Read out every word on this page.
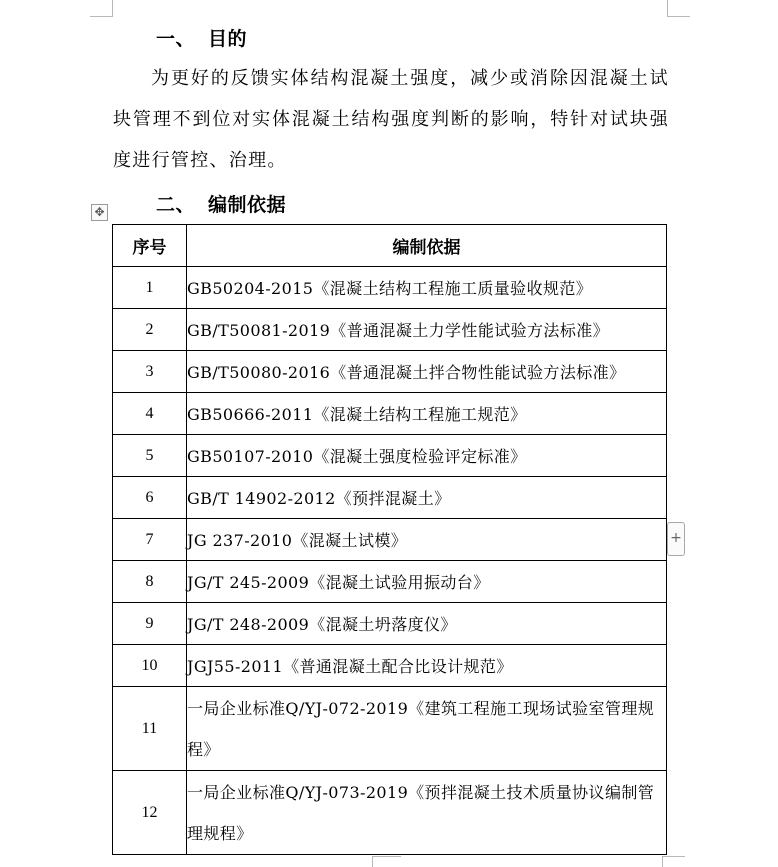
一、 目的

为更好的反馈实体结构混凝土强度，减少或消除因混凝土试块管理不到位对实体混凝土结构强度判断的影响，特针对试块强度进行管控、治理。

二、 编制依据
✥
序号	编制依据
1	GB50204-2015《混凝土结构工程施工质量验收规范》
2	GB/T50081-2019《普通混凝土力学性能试验方法标准》
3	GB/T50080-2016《普通混凝土拌合物性能试验方法标准》
4	GB50666-2011《混凝土结构工程施工规范》
5	GB50107-2010《混凝土强度检验评定标准》
6	GB/T 14902-2012《预拌混凝土》
7	JG 237-2010《混凝土试模》
8	JG/T 245-2009《混凝土试验用振动台》
9	JG/T 248-2009《混凝土坍落度仪》
10	JGJ55-2011《普通混凝土配合比设计规范》
11	一局企业标准Q/YJ-072-2019《建筑工程施工现场试验室管理规程》
12	一局企业标准Q/YJ-073-2019《预拌混凝土技术质量协议编制管理规程》
+
